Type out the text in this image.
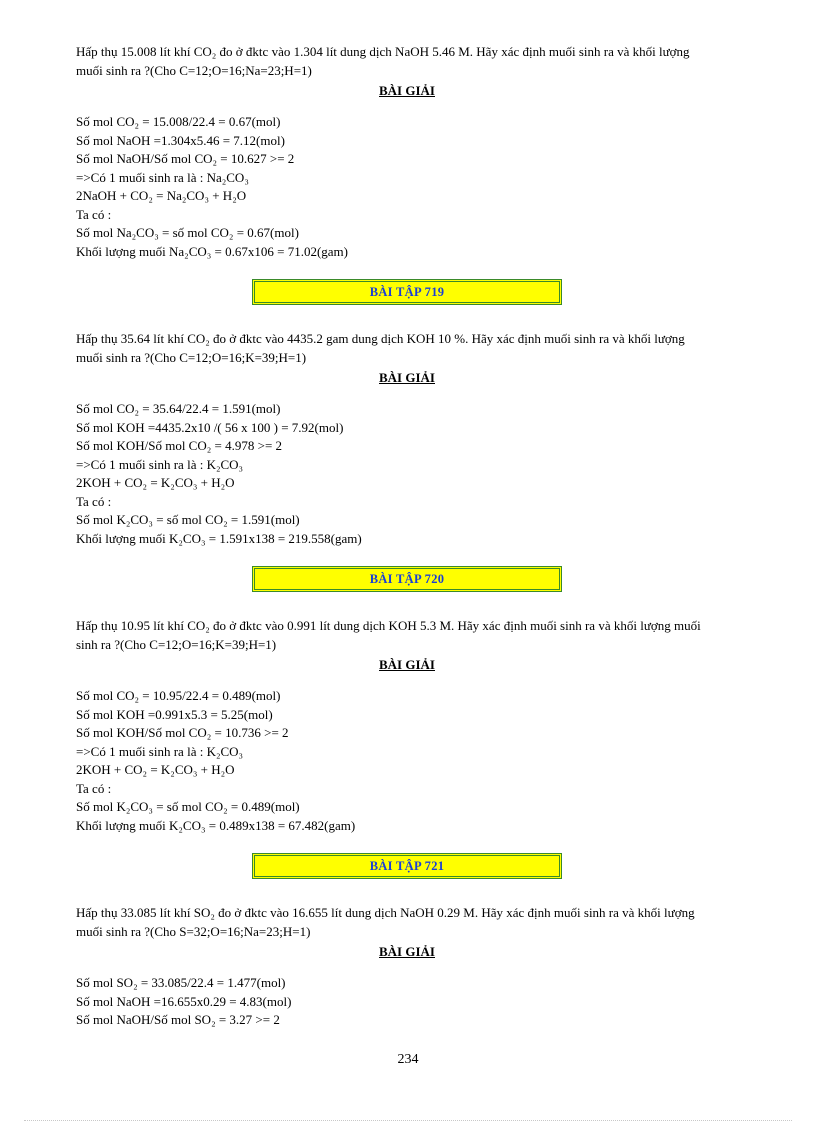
Hấp thụ 15.008 lít khí CO₂ đo ở đktc vào 1.304 lít dung dịch NaOH 5.46 M. Hãy xác định muối sinh ra và khối lượng

muối sinh ra ?(Cho C=12;O=16;Na=23;H=1)

BÀI GIẢI

Số mol CO₂ = 15.008/22.4 = 0.67(mol)

Số mol NaOH =1.304x5.46 = 7.12(mol)

Số mol NaOH/Số mol CO₂ = 10.627 >= 2

=>Có 1 muối sinh ra là : Na₂CO₃

2NaOH + CO₂ = Na₂CO₃ + H₂O

Ta có :

Số mol Na₂CO₃ = số mol CO₂ = 0.67(mol)

Khối lượng muối Na₂CO₃ = 0.67x106 = 71.02(gam)

BÀI TẬP 719

Hấp thụ 35.64 lít khí CO₂ đo ở đktc vào 4435.2 gam dung dịch KOH 10 %. Hãy xác định muối sinh ra và khối lượng

muối sinh ra ?(Cho C=12;O=16;K=39;H=1)

BÀI GIẢI

Số mol CO₂ = 35.64/22.4 = 1.591(mol)

Số mol KOH =4435.2x10 /( 56 x 100 ) = 7.92(mol)

Số mol KOH/Số mol CO₂ = 4.978 >= 2

=>Có 1 muối sinh ra là : K₂CO₃

2KOH + CO₂ = K₂CO₃ + H₂O

Ta có :

Số mol K₂CO₃ = số mol CO₂ = 1.591(mol)

Khối lượng muối K₂CO₃ = 1.591x138 = 219.558(gam)

BÀI TẬP 720

Hấp thụ 10.95 lít khí CO₂ đo ở đktc vào 0.991 lít dung dịch KOH 5.3 M. Hãy xác định muối sinh ra và khối lượng muối

sinh ra ?(Cho C=12;O=16;K=39;H=1)

BÀI GIẢI

Số mol CO₂ = 10.95/22.4 = 0.489(mol)

Số mol KOH =0.991x5.3 = 5.25(mol)

Số mol KOH/Số mol CO₂ = 10.736 >= 2

=>Có 1 muối sinh ra là : K₂CO₃

2KOH + CO₂ = K₂CO₃ + H₂O

Ta có :

Số mol K₂CO₃ = số mol CO₂ = 0.489(mol)

Khối lượng muối K₂CO₃ = 0.489x138 = 67.482(gam)

BÀI TẬP 721

Hấp thụ 33.085 lít khí SO₂ đo ở đktc vào 16.655 lít dung dịch NaOH 0.29 M. Hãy xác định muối sinh ra và khối lượng

muối sinh ra ?(Cho S=32;O=16;Na=23;H=1)

BÀI GIẢI

Số mol SO₂ = 33.085/22.4 = 1.477(mol)

Số mol NaOH =16.655x0.29 = 4.83(mol)

Số mol NaOH/Số mol SO₂ = 3.27 >= 2

234
